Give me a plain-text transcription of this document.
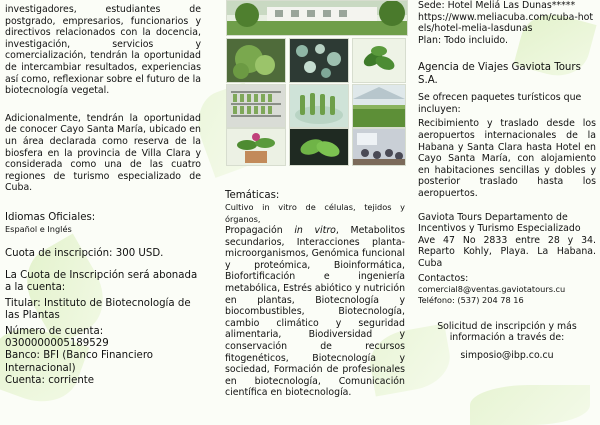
investigadores, estudiantes de postgrado, empresarios, funcionarios y directivos relacionados con la docencia, investigación, servicios y comercialización, tendrán la oportunidad de intercambiar resultados, experiencias así como, reflexionar sobre el futuro de la biotecnología vegetal.

Adicionalmente, tendrán la oportunidad de conocer Cayo Santa María, ubicado en un área declarada como reserva de la biosfera en la provincia de Villa Clara y considerada como una de las cuatro regiones de turismo especializado de Cuba.

Idiomas Oficiales:

Español e Inglés

Cuota de inscripción: 300 USD.

La Cuota de Inscripción será abonada a la cuenta:

Titular: Instituto de Biotecnología de las Plantas

Número de cuenta:

0300000005189529

Banco: BFI (Banco Financiero Internacional)

Cuenta: corriente

Temáticas:

Cultivo in vitro de células, tejidos y órganos,

Propagación in vitro, Metabolitos secundarios, Interacciones planta-microorganismos, Genómica funcional y proteómica, Bioinformática, Biofortificación e ingeniería metabólica, Estrés abiótico y nutrición en plantas, Biotecnología y biocombustibles, Biotecnología, cambio climático y seguridad alimentaria, Biodiversidad y conservación de recursos fitogenéticos, Biotecnología y sociedad, Formación de profesionales en biotecnología, Comunicación científica en biotecnología.

Sede: Hotel Meliá Las Dunas*****

https://www.meliacuba.com/cuba-hotels/hotel-melia-lasdunas

Plan: Todo incluido.

Agencia de Viajes Gaviota Tours S.A.

Se ofrecen paquetes turísticos que incluyen:

Recibimiento y traslado desde los aeropuertos internacionales de la Habana y Santa Clara hasta Hotel en Cayo Santa María, con alojamiento en habitaciones sencillas y dobles y posterior traslado hasta los aeropuertos.

Gaviota Tours Departamento de Incentivos y Turismo Especializado

Ave 47 No 2833 entre 28 y 34. Reparto Kohly, Playa. La Habana. Cuba

Contactos:

comercial8@ventas.gaviotatours.cu

Teléfono: (537) 204 78 16

Solicitud de inscripción y más información a través de:

simposio@ibp.co.cu
